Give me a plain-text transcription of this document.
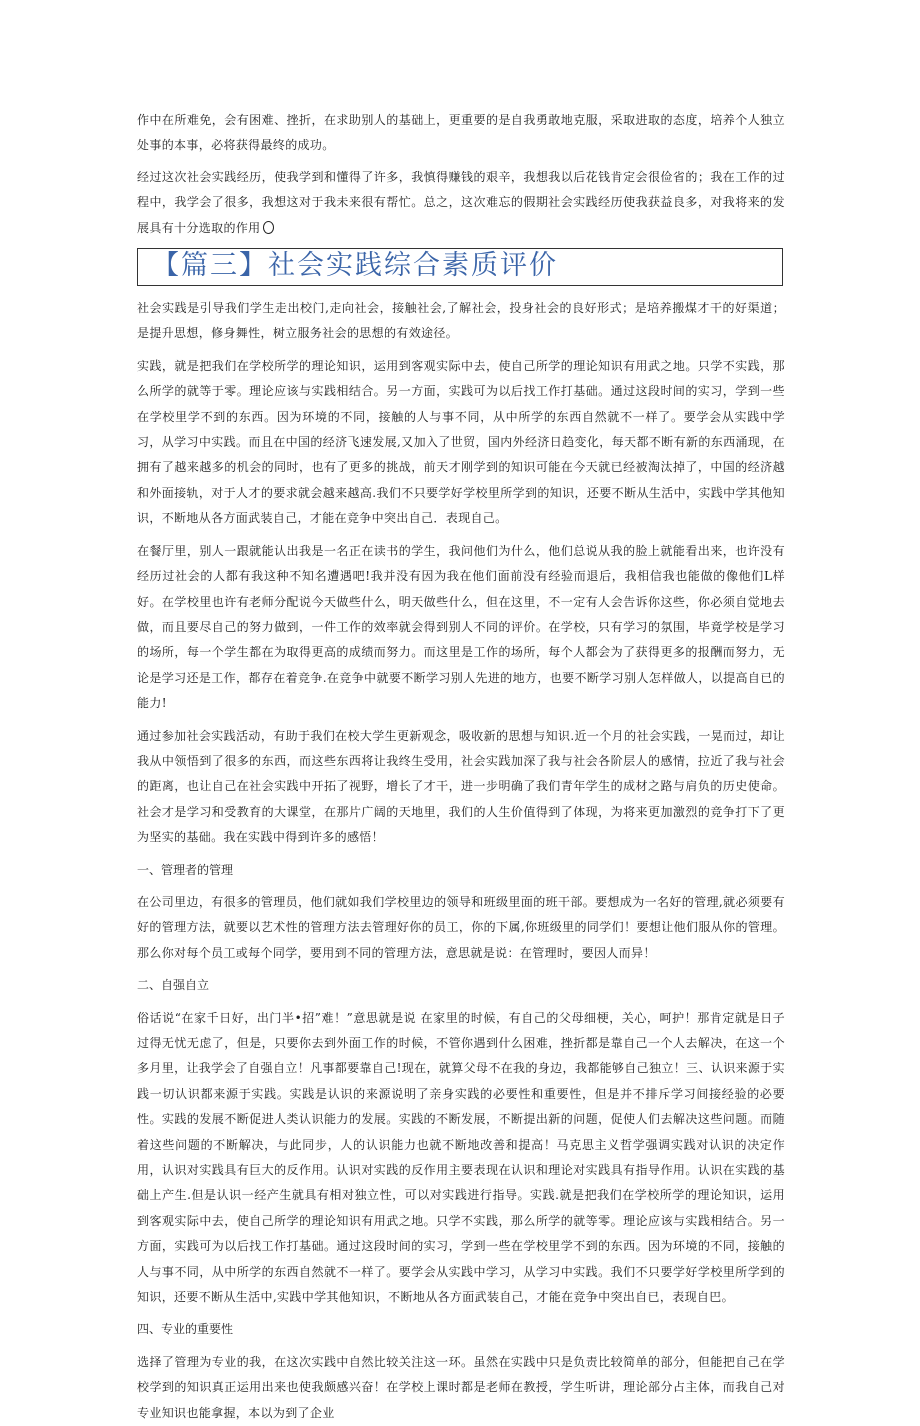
作中在所难免，会有困难、挫折，在求助别人的基础上，更重要的是自我勇敢地克服，采取进取的态度，培养个人独立处事的本事，必将获得最终的成功。

经过这次社会实践经历，使我学到和懂得了许多，我慎得赚钱的艰辛，我想我以后花钱肯定会很俭省的；我在工作的过程中，我学会了很多，我想这对于我未来很有帮忙。总之，这次难忘的假期社会实践经历使我获益良多，对我将来的发展具有十分选取的作用

【篇三】社会实践综合素质评价

社会实践是引导我们学生走出校门,走向社会，接触社会,了解社会，投身社会的良好形式；是培养搬煤才干的好渠道；是提升思想，修身舞性，树立服务社会的思想的有效途径。

实践，就是把我们在学校所学的理论知识，运用到客观实际中去，使自己所学的理论知识有用武之地。只学不实践，那么所学的就等于零。理论应该与实践相结合。另一方面，实践可为以后找工作打基础。通过这段时间的实习，学到一些在学校里学不到的东西。因为环境的不同，接触的人与事不同，从中所学的东西自然就不一样了。要学会从实践中学习，从学习中实践。而且在中国的经济飞速发展,又加入了世贸，国内外经济日趋变化，每天都不断有新的东西涌现，在拥有了越来越多的机会的同时，也有了更多的挑战，前天才刚学到的知识可能在今天就已经被淘汰掉了，中国的经济越和外面接轨，对于人才的要求就会越来越高.我们不只要学好学校里所学到的知识，还要不断从生活中，实践中学其他知识，不断地从各方面武装自己，才能在竞争中突出自己．表现自己。

在餐厅里，别人一跟就能认出我是一名正在读书的学生，我问他们为什么，他们总说从我的脸上就能看出来，也许没有经历过社会的人都有我这种不知名遭遇吧!我并没有因为我在他们面前没有经验而退后，我相信我也能做的像他们L样好。在学校里也许有老师分配说今天做些什么，明天做些什么，但在这里，不一定有人会告诉你这些，你必须自觉地去做，而且要尽自己的努力做到，一件工作的效率就会得到别人不同的评价。在学校，只有学习的氛围，毕竟学校是学习的场所，每一个学生都在为取得更高的成绩而努力。而这里是工作的场所，每个人都会为了获得更多的报酬而努力，无论是学习还是工作，都存在着竞争.在竞争中就要不断学习别人先进的地方，也要不断学习别人怎样做人，以提高自已的能力!

通过参加社会实践活动，有助于我们在校大学生更新观念，吸收新的思想与知识.近一个月的社会实践，一晃而过，却让我从中领悟到了很多的东西，而这些东西将让我终生受用，社会实践加深了我与社会各阶层人的感情，拉近了我与社会的距离，也让自己在社会实践中开拓了视野，增长了才干，进一步明确了我们青年学生的成材之路与肩负的历史使命。社会才是学习和受教育的大课堂，在那片广阔的天地里，我们的人生价值得到了体现，为将来更加激烈的竞争打下了更为坚实的基础。我在实践中得到许多的感悟！

一、管理者的管理

在公司里边，有很多的管理员，他们就如我们学校里边的领导和班级里面的班干部。要想成为一名好的管理,就必须要有好的管理方法，就要以艺术性的管理方法去管理好你的员工，你的下属,你班级里的同学们！要想让他们服从你的管理。那么你对每个员工或每个同学，要用到不同的管理方法，意思就是说：在管理时，要因人而异！

二、自强自立

俗话说“在家千日好，出门半•招”难！”意思就是说 在家里的时候，有自己的父母细梗，关心，呵护！那肯定就是日子过得无忧无虑了，但是，只要你去到外面工作的时候，不管你遇到什么困难，挫折都是靠自己一个人去解决，在这一个多月里，让我学会了自强自立！凡事都要靠自己!现在，就算父母不在我的身边，我都能够自己独立！三、认识来源于实践一切认识都来源于实践。实践是认识的来源说明了亲身实践的必要性和重要性，但是并不排斥学习间接经验的必要性。实践的发展不断促进人类认识能力的发展。实践的不断发展，不断提出新的问题，促使人们去解决这些问题。而随着这些问题的不断解决，与此同步，人的认识能力也就不断地改善和提高！马克思主义哲学强调实践对认识的决定作用，认识对实践具有巨大的反作用。认识对实践的反作用主要表现在认识和理论对实践具有指导作用。认识在实践的基础上产生.但是认识一经产生就具有相对独立性，可以对实践进行指导。实践.就是把我们在学校所学的理论知识，运用到客观实际中去，使自己所学的理论知识有用武之地。只学不实践，那么所学的就等零。理论应该与实践相结合。另一方面，实践可为以后找工作打基础。通过这段时间的实习，学到一些在学校里学不到的东西。因为环境的不同，接触的人与事不同，从中所学的东西自然就不一样了。要学会从实践中学习，从学习中实践。我们不只要学好学校里所学到的知识，还要不断从生活中,实践中学其他知识，不断地从各方面武装自己，才能在竞争中突出自已，表现自巴。

四、专业的重要性

选择了管理为专业的我，在这次实践中自然比较关注这一环。虽然在实践中只是负责比较简单的部分，但能把自己在学校学到的知识真正运用出来也使我颇感兴奋！在学校上课时都是老师在教授，学生听讲，理论部分占主体，而我自己对专业知识也能拿握，本以为到了企业
